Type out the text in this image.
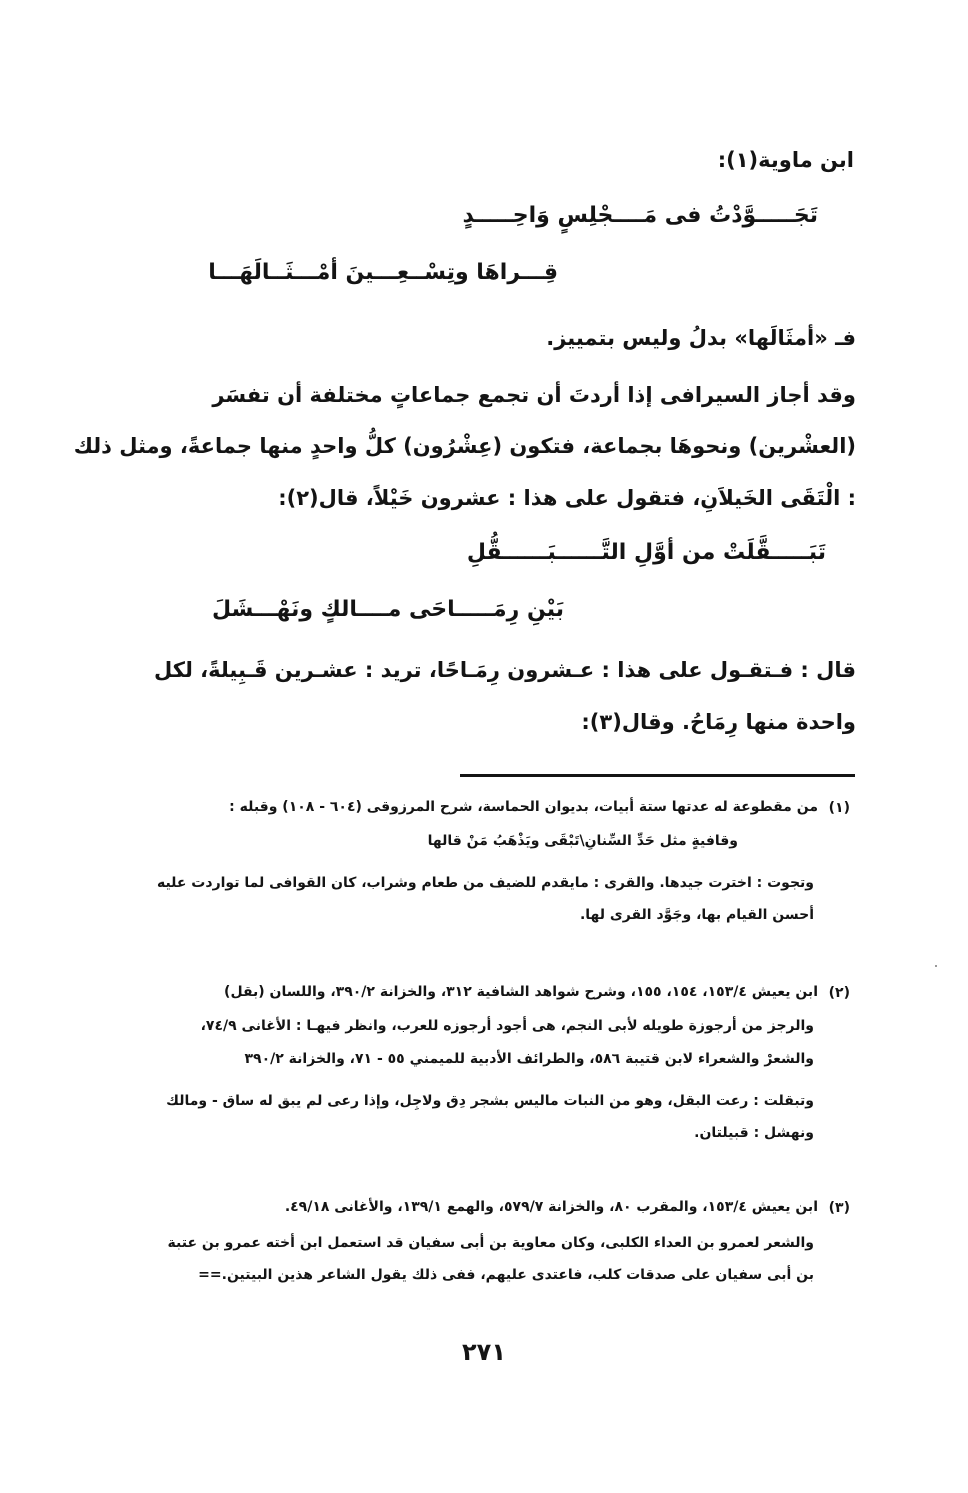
ابن ماوية(١):
تَجَـــــوَّدْتُ فى مَــــجْلِسٍ وَاحِـــــدٍ
قِـــراهَا وتِسْــعِـــينَ أمْـــثَــالَهَـــا
فـ «أمثَالَها» بدلُ وليس بتمييز.
وقد أجاز السيرافى إذا أردتَ أن تجمع جماعاتٍ مختلفة أن تفسَر
(العشْرين) ونحوهَا بجماعة، فتكون (عِشْرُون) كلُّ واحدٍ منها جماعةً، ومثل ذلك
: الْتَقَى الخَيلاَنِ، فتقول على هذا : عشرون خَيْلاً، قال(٢):
تَبَـــــقَّلَتْ من أوَّلِ التَّــــــبَــــــقُّلِ
بَيْنِ رِمَـــــاحَى مــــالكٍ ونَهْـــشَلَ
قال : فـتقـول على هذا : عـشرون رِمَـاحًا، تريد : عشـرين قَـبِيلةً، لكل
واحدة منها رِمَاحُ. وقال(٣):
(١)
من مقطوعة له عدتها ستة أبيات، بديوان الحماسة، شرح المرزوقى (٦٠٤ - ١٠٨) وقبله :
وقافيةٍ مثل حَدِّ السِّنانِ\تَبْقَى ويَذْهَبُ مَنْ قالها
وتجوت : اخترت جيدها. والقرى : مايقدم للضيف من طعام وشراب، كان القوافى لما تواردت عليه
أحسن القيام بها، وجَوَّد القرى لها.
(٢)
ابن يعيش ١٥٣/٤، ١٥٤، ١٥٥، وشرح شواهد الشافية ٣١٢، والخزانة ٣٩٠/٢، واللسان (بقل)
والرجز من أرجوزة طويله لأبى النجم، هى أجود أرجوزه للعرب، وانظر فيهـا : الأغانى ٧٤/٩،
والشعرْ والشعراء لابن قتيبة ٥٨٦، والطرائف الأدبية للميمني ٥٥ - ٧١، والخزانة ٣٩٠/٢
وتبقلت : رعت البقل، وهو من النبات ماليس بشجر دِق ولاجِل، وإذا رعى لم يبق له ساق - ومالك
ونهشل : قبيلتان.
(٣)
ابن يعيش ١٥٣/٤، والمقرب ٨٠، والخزانة ٥٧٩/٧، والهمع ١٣٩/١، والأغانى ٤٩/١٨.
والشعر لعمرو بن العداء الكلبى، وكان معاوية بن أبى سفيان قد استعمل ابن أخته عمرو بن عتبة
بن أبى سفيان على صدقات كلب، فاعتدى عليهم، ففى ذلك يقول الشاعر هذين البيتين.==
٢٧١
